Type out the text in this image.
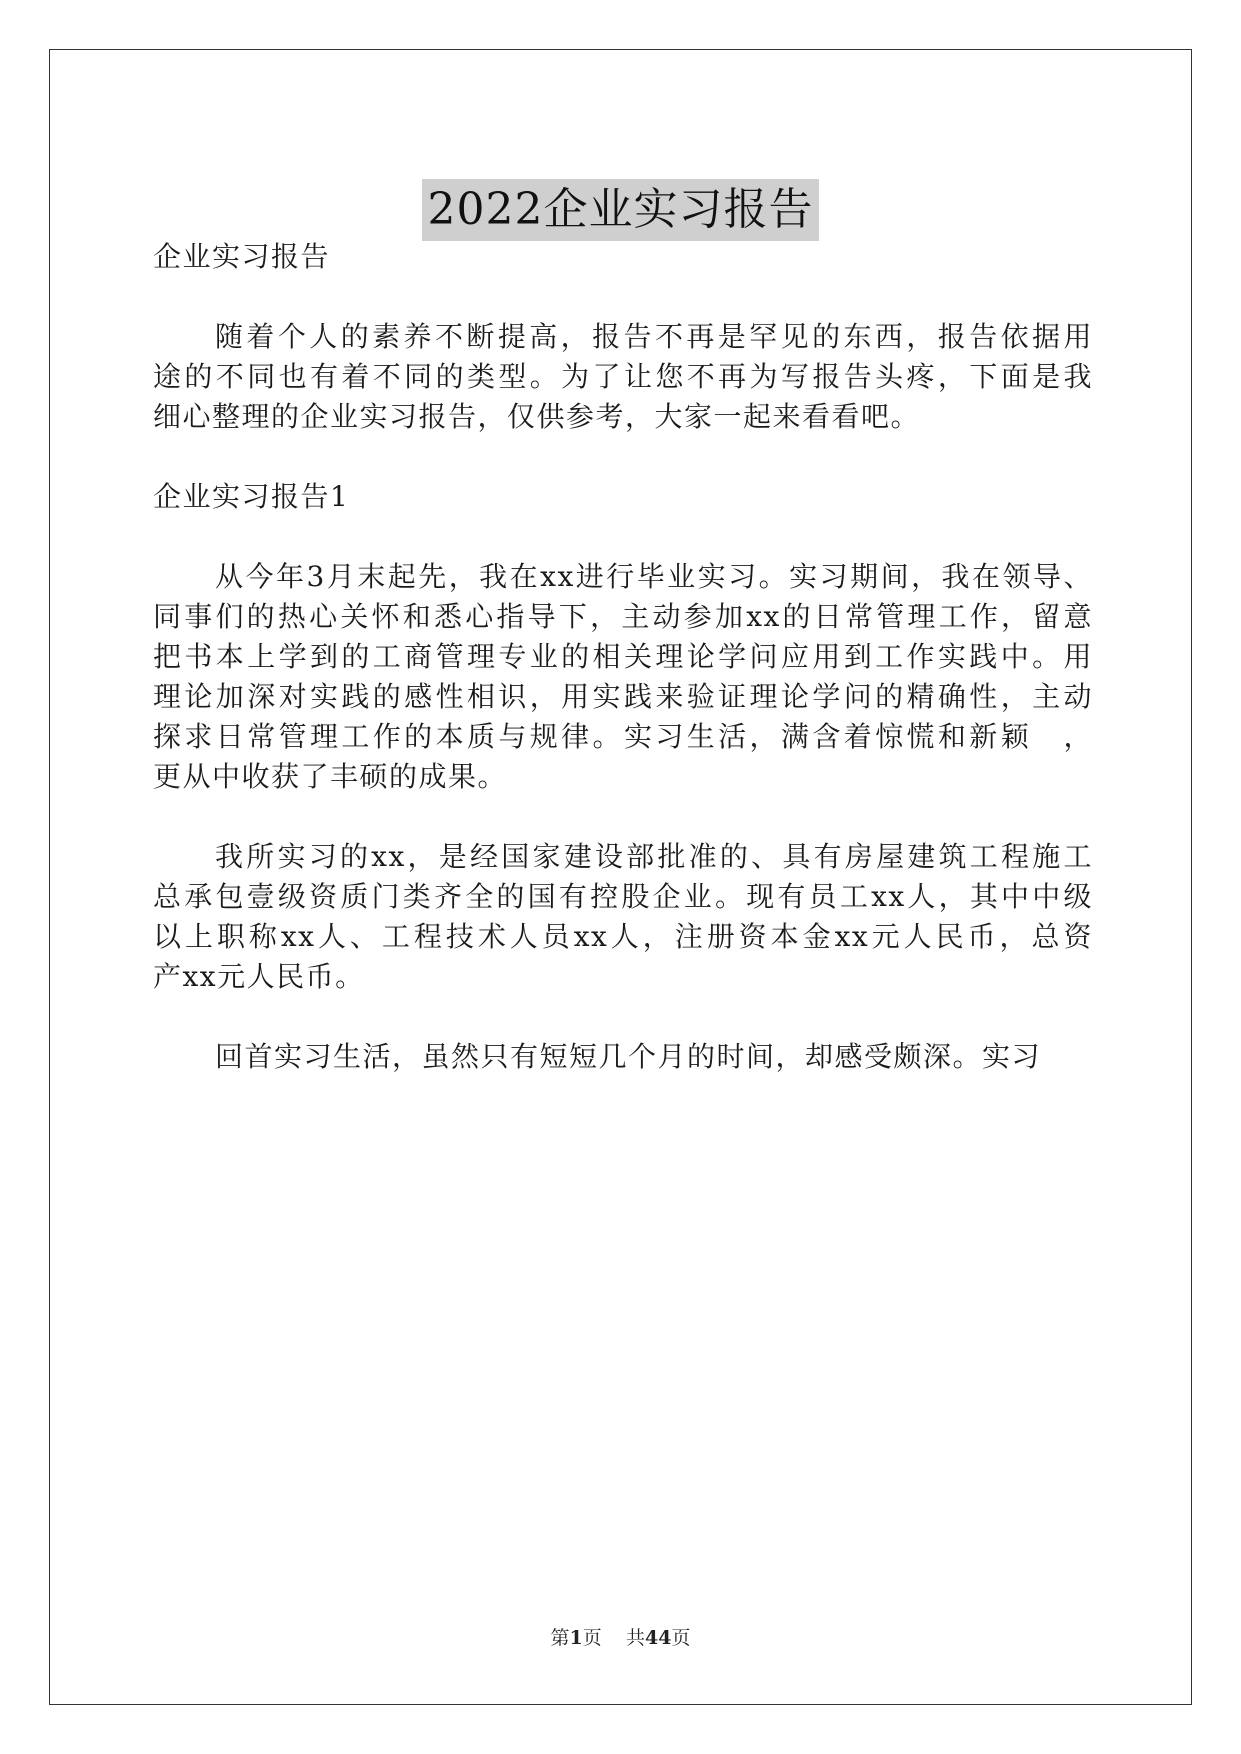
2022企业实习报告

企业实习报告

随着个人的素养不断提高，报告不再是罕见的东西，报告依据用

途的不同也有着不同的类型。为了让您不再为写报告头疼，下面是我

细心整理的企业实习报告，仅供参考，大家一起来看看吧。

企业实习报告1

从今年3月末起先，我在xx进行毕业实习。实习期间，我在领导、

同事们的热心关怀和悉心指导下，主动参加xx的日常管理工作，留意

把书本上学到的工商管理专业的相关理论学问应用到工作实践中。用

理论加深对实践的感性相识，用实践来验证理论学问的精确性，主动

探求日常管理工作的本质与规律。实习生活，满含着惊慌和新颖　，

更从中收获了丰硕的成果。

我所实习的xx，是经国家建设部批准的、具有房屋建筑工程施工

总承包壹级资质门类齐全的国有控股企业。现有员工xx人，其中中级

以上职称xx人、工程技术人员xx人，注册资本金xx元人民币，总资

产xx元人民币。

回首实习生活，虽然只有短短几个月的时间，却感受颇深。实习

第1页 共44页
